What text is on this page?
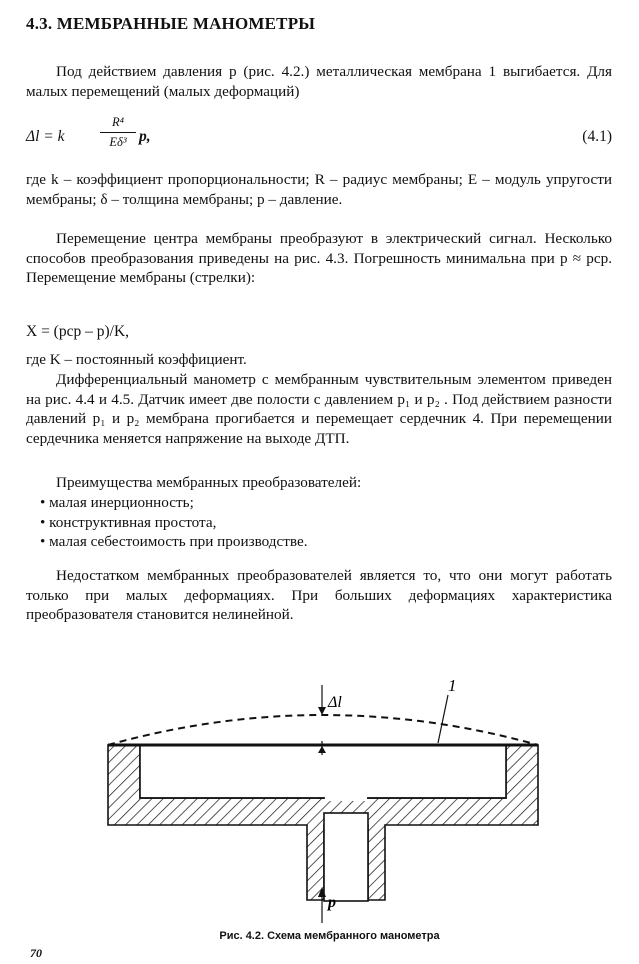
4.3. МЕМБРАННЫЕ МАНОМЕТРЫ
Под действием давления p (рис. 4.2.) металлическая мембрана 1 выгибается. Для малых перемещений (малых деформаций)
Δl = k	$\frac{\text{R⁴}}{\text{Eδ³}} p$,	(4.1)
где k – коэффициент пропорциональности; R – радиус мембраны; E – модуль упругости мембраны; δ – толщина мембраны; p – давление.
Перемещение центра мембраны преобразуют в электрический сигнал. Несколько способов преобразования приведены на рис. 4.3. Погрешность минимальна при p ≈ pср. Перемещение мембраны (стрелки):
X = (pср – p)/K,
где K – постоянный коэффициент.
Дифференциальный манометр с мембранным чувствительным элементом приведен на рис. 4.4 и 4.5. Датчик имеет две полости с давлением p₁ и p₂ . Под действием разности давлений p₁ и p₂ мембрана прогибается и перемещает сердечник 4. При перемещении сердечника меняется напряжение на выходе ДТП.
Преимущества мембранных преобразователей:
• малая инерционность;
• конструктивная простота,
• малая себестоимость при производстве.
Недостатком мембранных преобразователей является то, что они могут работать только при малых деформациях. При больших деформациях характеристика преобразователя становится нелинейной.
Δl
1
p
Рис. 4.2. Схема мембранного манометра
70
